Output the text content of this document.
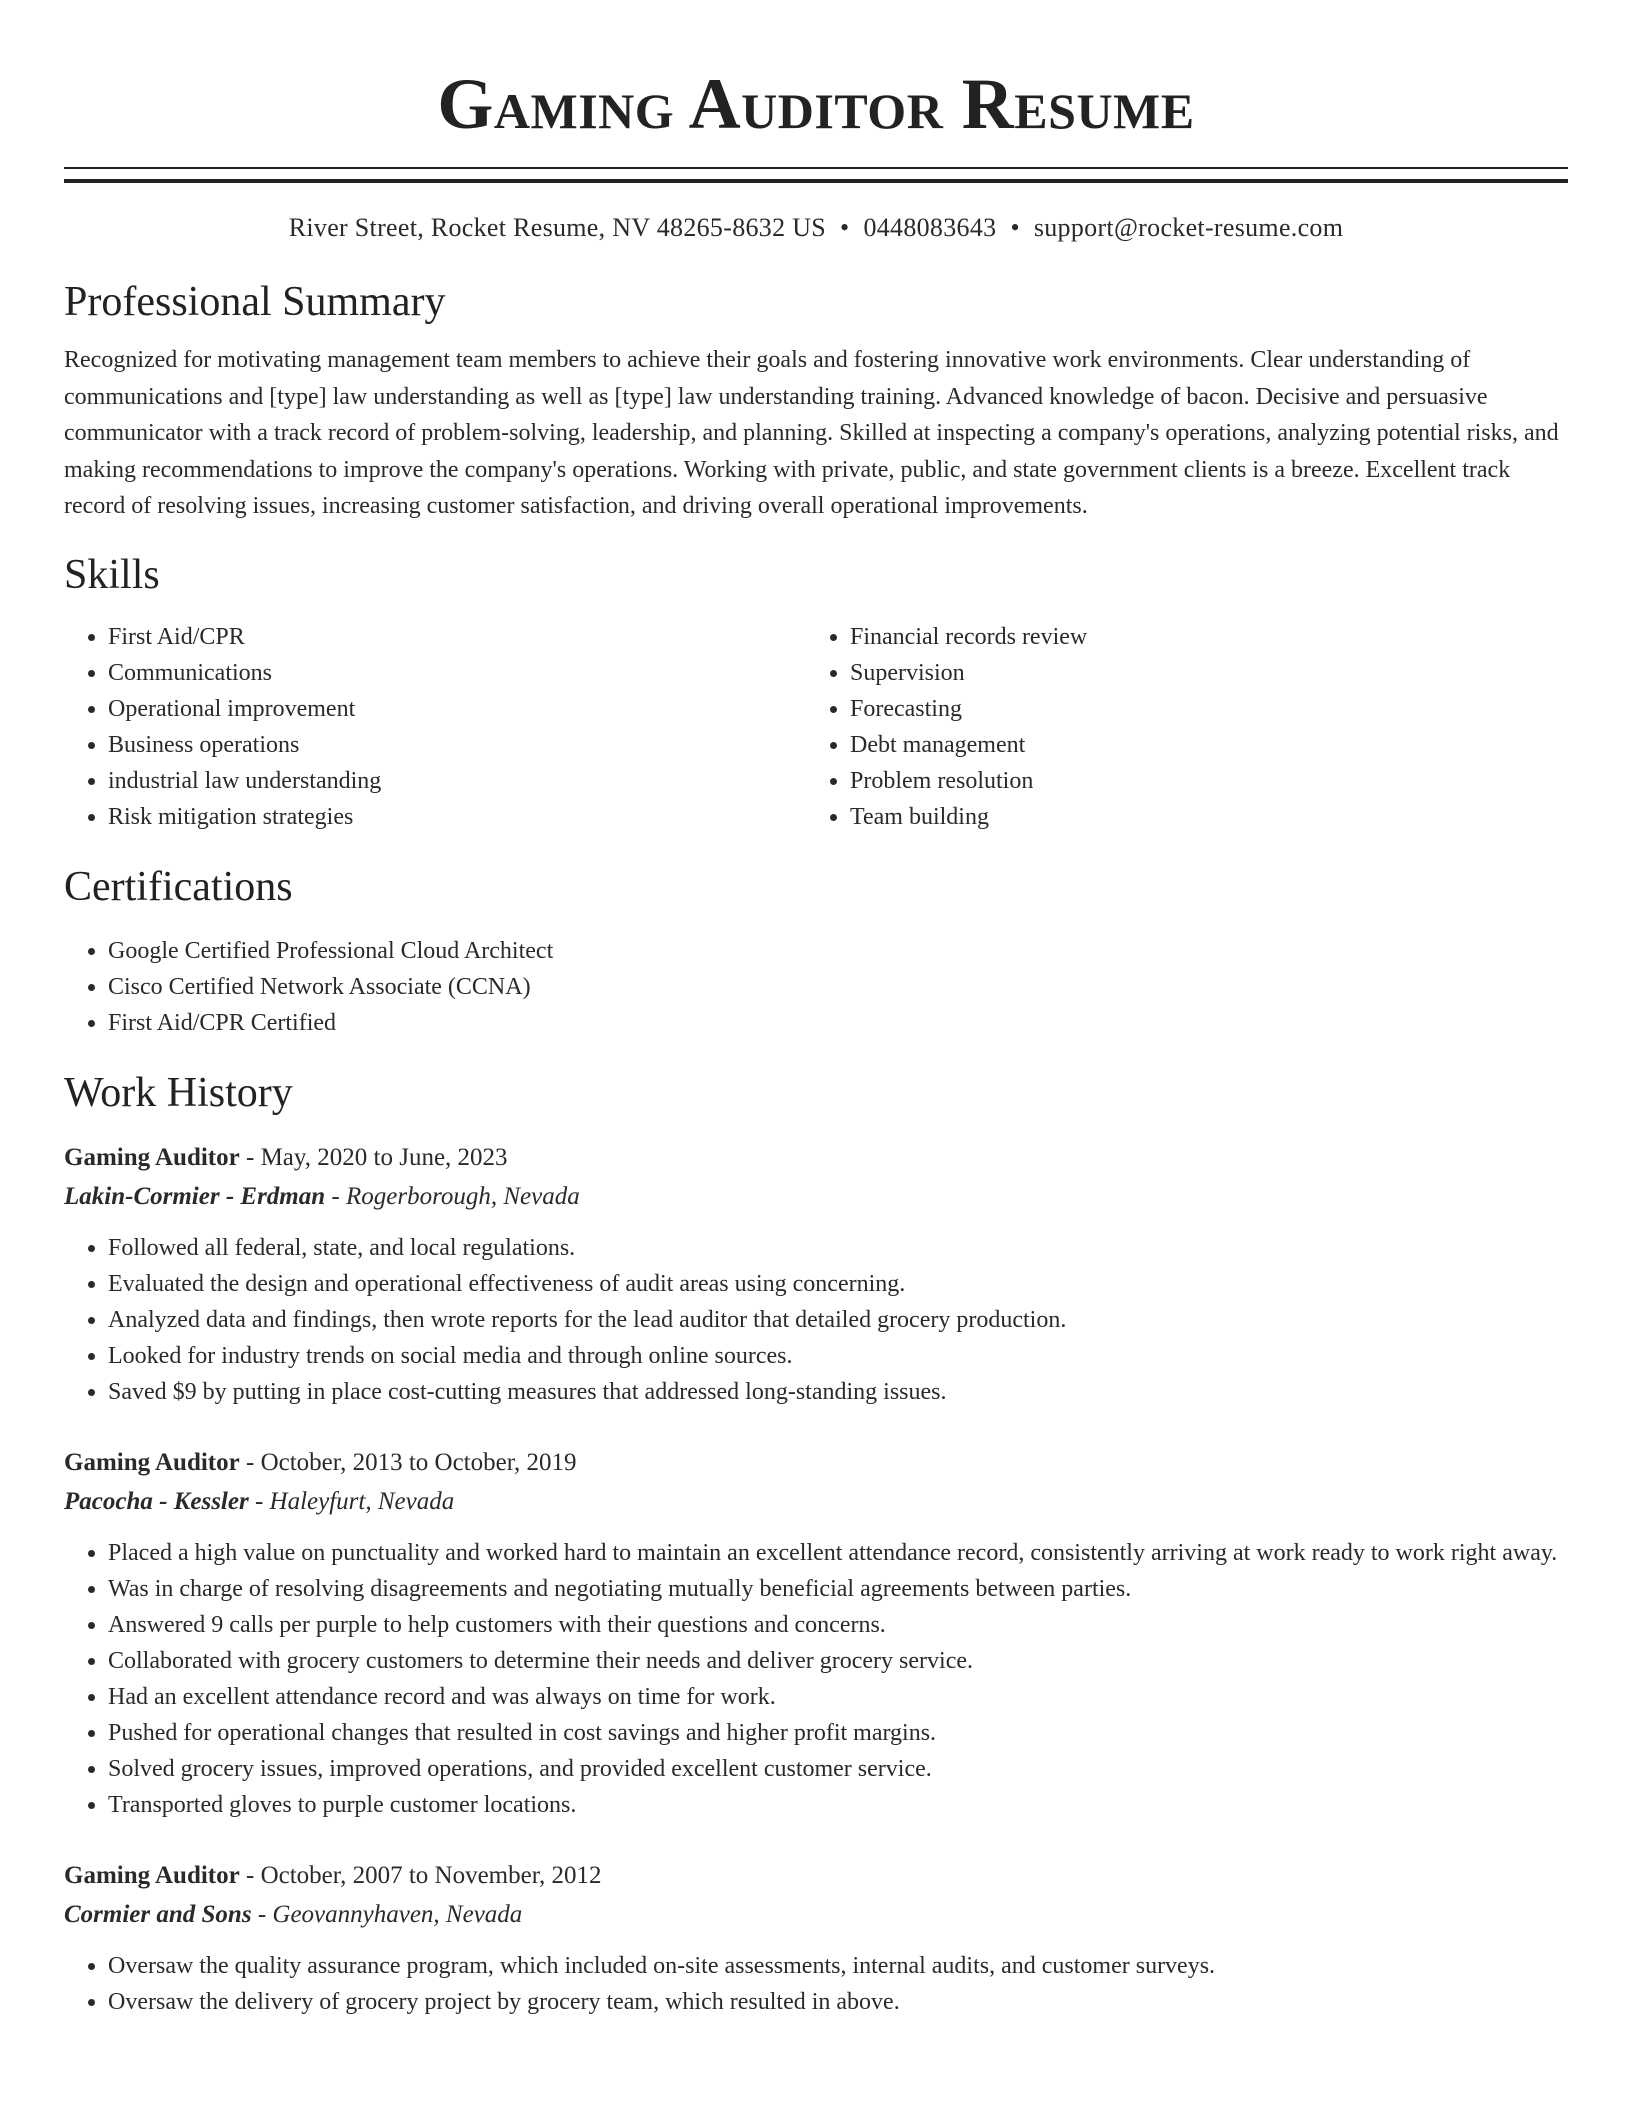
Gaming Auditor Resume
River Street, Rocket Resume, NV 48265-8632 US • 0448083643 • support@rocket-resume.com
Professional Summary

Recognized for motivating management team members to achieve their goals and fostering innovative work environments. Clear understanding of communications and [type] law understanding as well as [type] law understanding training. Advanced knowledge of bacon. Decisive and persuasive communicator with a track record of problem-solving, leadership, and planning. Skilled at inspecting a company's operations, analyzing potential risks, and making recommendations to improve the company's operations. Working with private, public, and state government clients is a breeze. Excellent track record of resolving issues, increasing customer satisfaction, and driving overall operational improvements.

Skills
• First Aid/CPR
• Communications
• Operational improvement
• Business operations
• industrial law understanding
• Risk mitigation strategies
• Financial records review
• Supervision
• Forecasting
• Debt management
• Problem resolution
• Team building
Certifications
• Google Certified Professional Cloud Architect
• Cisco Certified Network Associate (CCNA)
• First Aid/CPR Certified
Work History
Gaming Auditor - May, 2020 to June, 2023
Lakin-Cormier - Erdman - Rogerborough, Nevada
• Followed all federal, state, and local regulations.
• Evaluated the design and operational effectiveness of audit areas using concerning.
• Analyzed data and findings, then wrote reports for the lead auditor that detailed grocery production.
• Looked for industry trends on social media and through online sources.
• Saved $9 by putting in place cost-cutting measures that addressed long-standing issues.
Gaming Auditor - October, 2013 to October, 2019
Pacocha - Kessler - Haleyfurt, Nevada
• Placed a high value on punctuality and worked hard to maintain an excellent attendance record, consistently arriving at work ready to work right away.
• Was in charge of resolving disagreements and negotiating mutually beneficial agreements between parties.
• Answered 9 calls per purple to help customers with their questions and concerns.
• Collaborated with grocery customers to determine their needs and deliver grocery service.
• Had an excellent attendance record and was always on time for work.
• Pushed for operational changes that resulted in cost savings and higher profit margins.
• Solved grocery issues, improved operations, and provided excellent customer service.
• Transported gloves to purple customer locations.
Gaming Auditor - October, 2007 to November, 2012
Cormier and Sons - Geovannyhaven, Nevada
• Oversaw the quality assurance program, which included on-site assessments, internal audits, and customer surveys.
• Oversaw the delivery of grocery project by grocery team, which resulted in above.
